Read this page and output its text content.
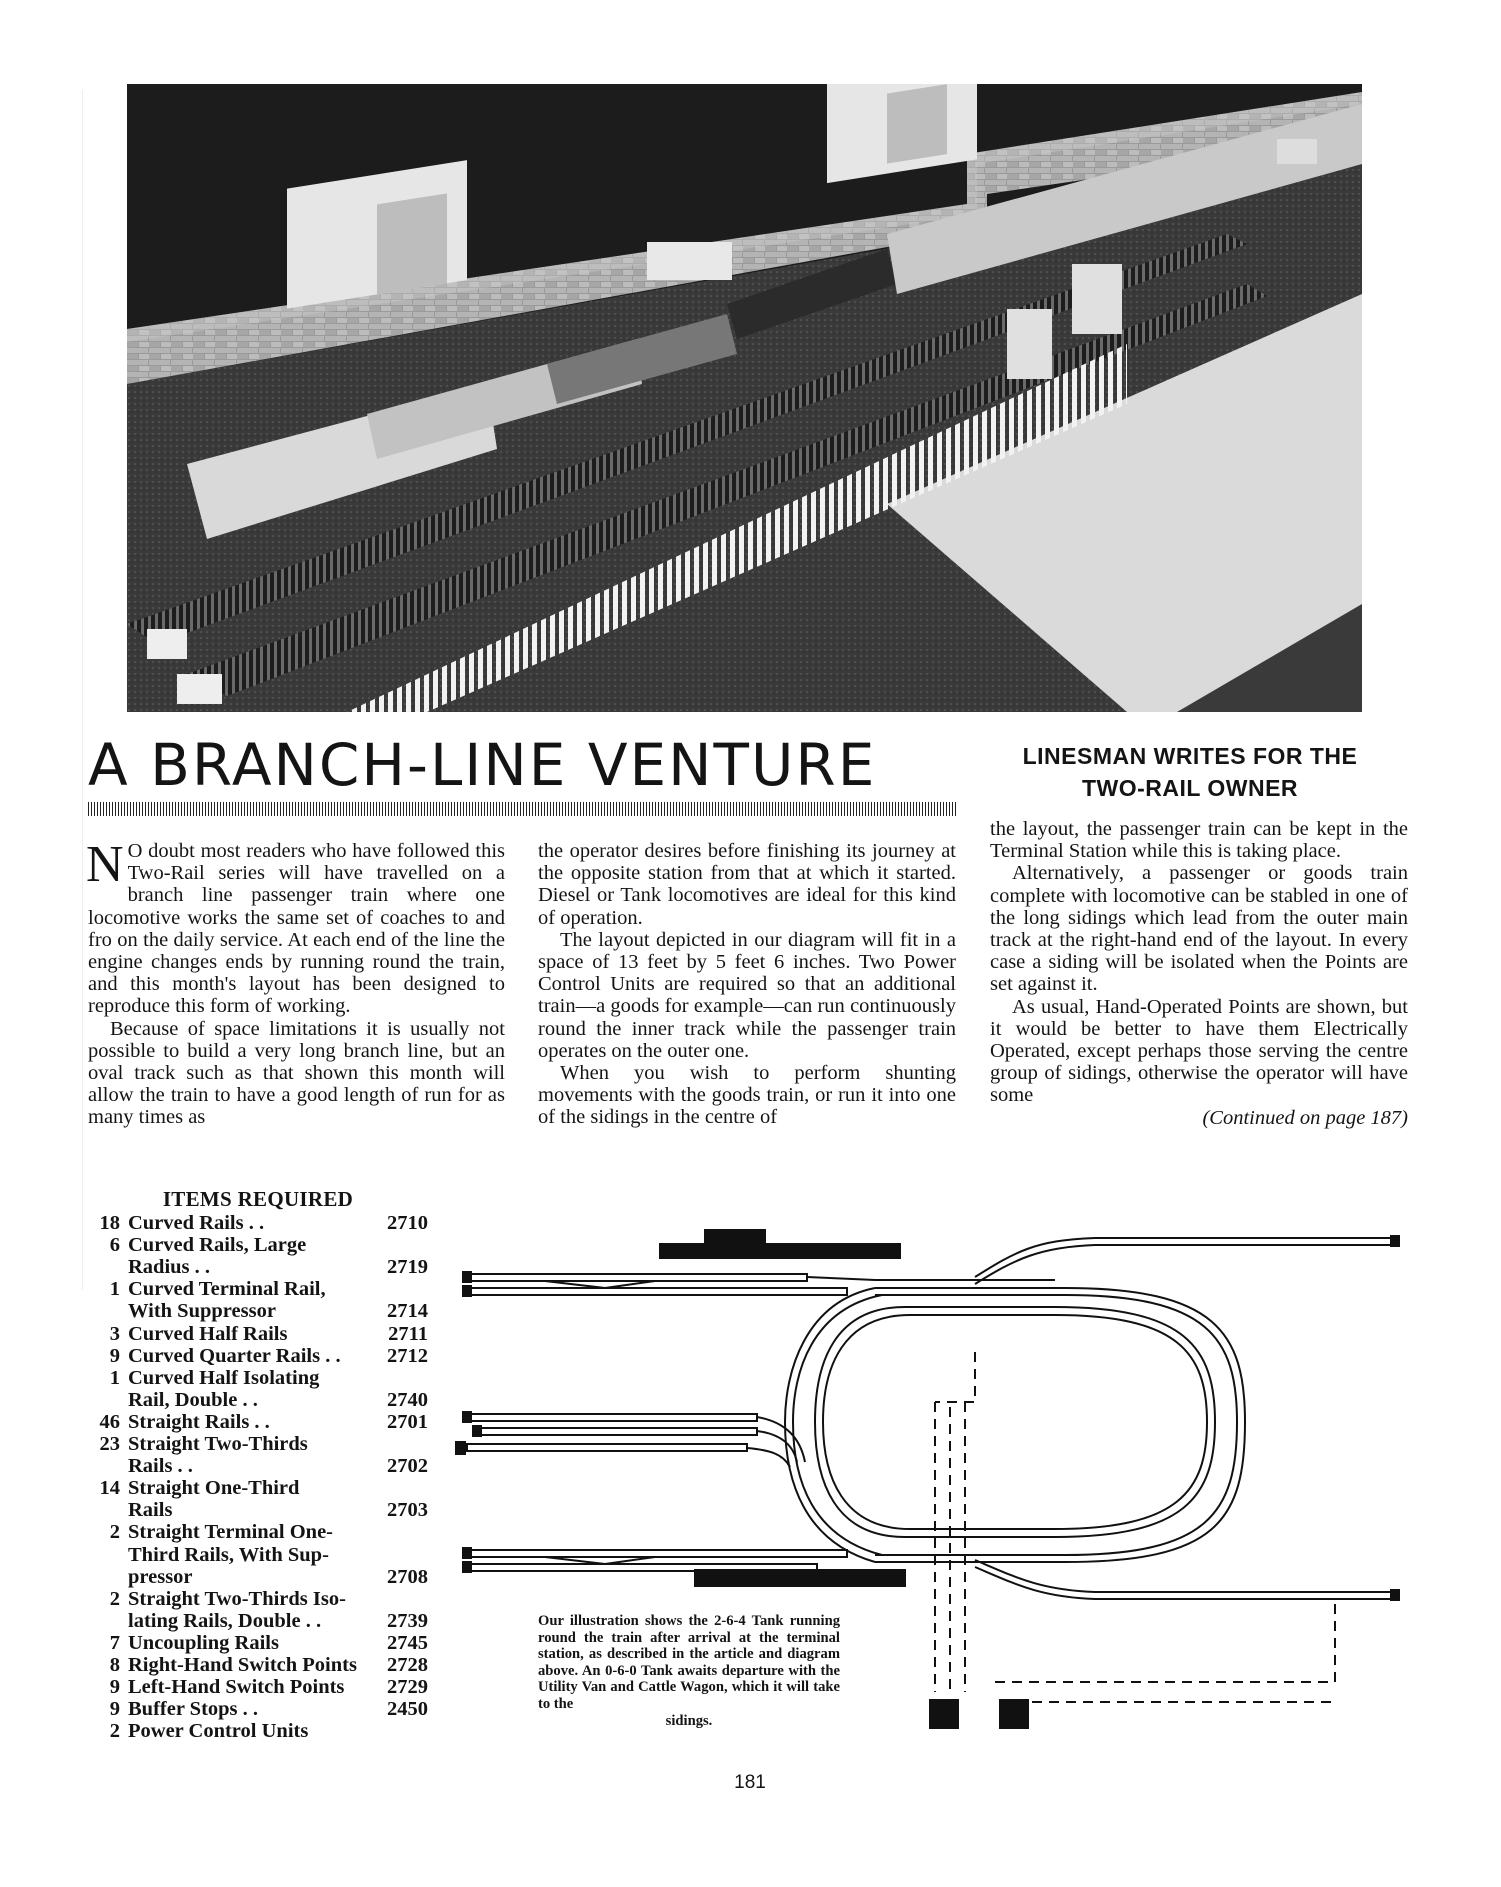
A BRANCH-LINE VENTURE	LINESMAN WRITES FOR THE TWO-RAIL OWNER

N O doubt most readers who have followed this Two-Rail series will have travelled on a branch line passenger train where one locomotive works the same set of coaches to and fro on the daily service. At each end of the line the engine changes ends by running round the train, and this month's layout has been designed to reproduce this form of working.

Because of space limitations it is usually not possible to build a very long branch line, but an oval track such as that shown this month will allow the train to have a good length of run for as many times as

the operator desires before finishing its journey at the opposite station from that at which it started. Diesel or Tank locomotives are ideal for this kind of operation.

The layout depicted in our diagram will fit in a space of 13 feet by 5 feet 6 inches. Two Power Control Units are required so that an additional train—a goods for example—can run continuously round the inner track while the passenger train operates on the outer one.

When you wish to perform shunting movements with the goods train, or run it into one of the sidings in the centre of

the layout, the passenger train can be kept in the Terminal Station while this is taking place.

Alternatively, a passenger or goods train complete with locomotive can be stabled in one of the long sidings which lead from the outer main track at the right-hand end of the layout. In every case a siding will be isolated when the Points are set against it.

As usual, Hand-Operated Points are shown, but it would be better to have them Electrically Operated, except perhaps those serving the centre group of sidings, otherwise the operator will have some

(Continued on page 187)

ITEMS REQUIRED
18 Curved Rails . .	2710
6 Curved Rails, Large
Radius . .	2719
1 Curved Terminal Rail,
With Suppressor	2714
3 Curved Half Rails	2711
9 Curved Quarter Rails . .	2712
1 Curved Half Isolating
Rail, Double . .	2740
46 Straight Rails . .	2701
23 Straight Two-Thirds
Rails . .	2702
14 Straight One-Third
Rails	2703
2 Straight Terminal One-
Third Rails, With Sup-
pressor	2708
2 Straight Two-Thirds Iso-
lating Rails, Double . .	2739
7 Uncoupling Rails	2745
8 Right-Hand Switch Points	2728
9 Left-Hand Switch Points	2729
9 Buffer Stops . .	2450
2 Power Control Units
Our illustration shows the 2-6-4 Tank running round the train after arrival at the terminal station, as described in the article and diagram above. An 0-6-0 Tank awaits departure with the Utility Van and Cattle Wagon, which it will take to the
sidings.
181
